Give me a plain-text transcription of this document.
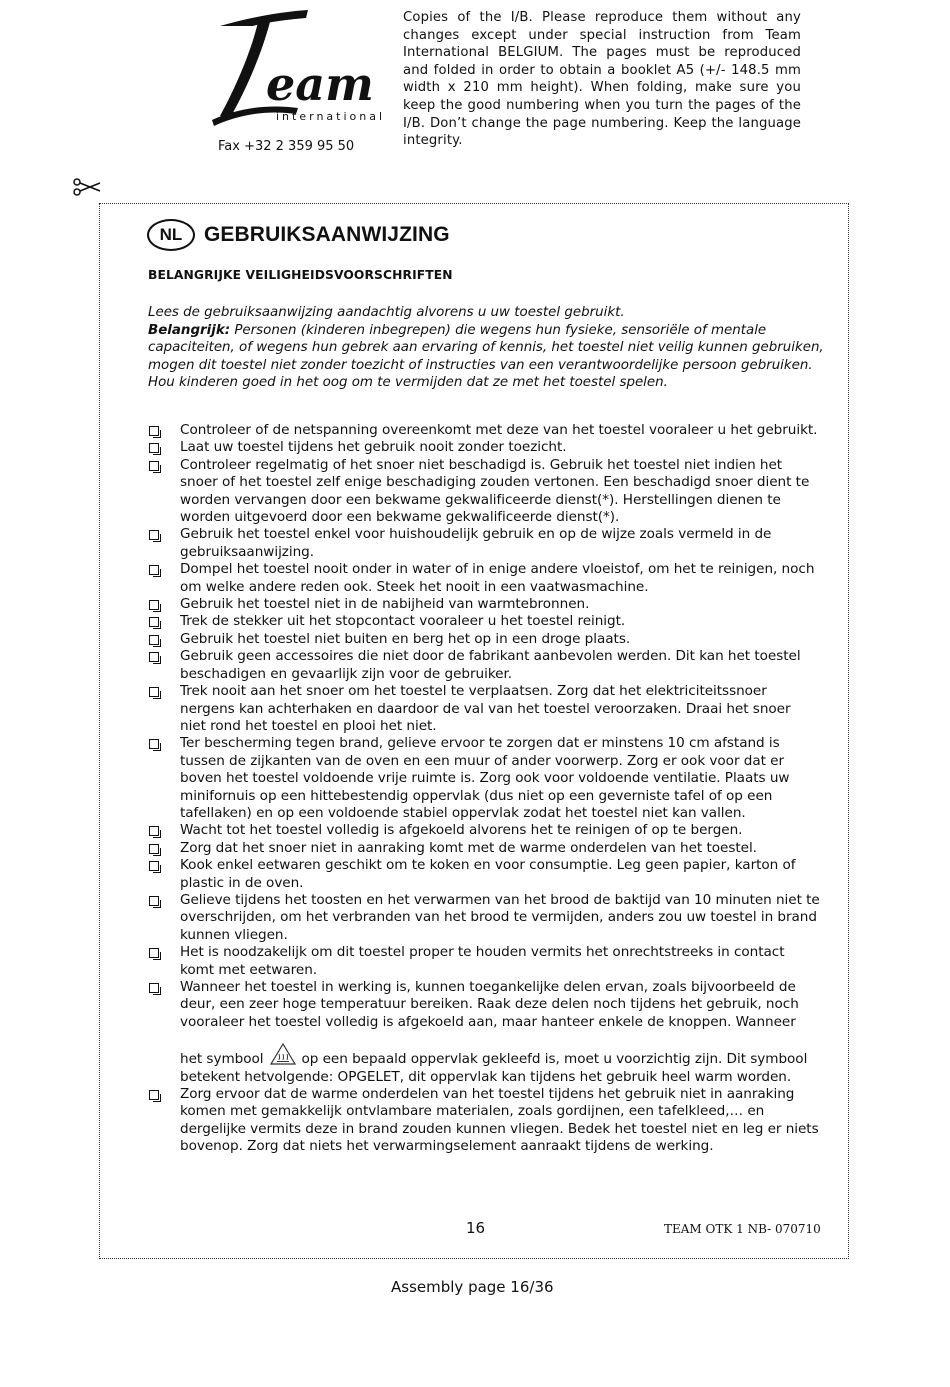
eam
international
Fax +32 2 359 95 50
Copies of the I/B. Please reproduce them without any changes except under special instruction from Team International BELGIUM. The pages must be reproduced and folded in order to obtain a booklet A5 (+/- 148.5 mm width x 210 mm height). When folding, make sure you keep the good numbering when you turn the pages of the I/B. Don’t change the page numbering. Keep the language integrity.
NL	GEBRUIKSAANWIJZING
BELANGRIJKE VEILIGHEIDSVOORSCHRIFTEN
Lees de gebruiksaanwijzing aandachtig alvorens u uw toestel gebruikt.
Belangrijk: Personen (kinderen inbegrepen) die wegens hun fysieke, sensoriële of mentale capaciteiten, of wegens hun gebrek aan ervaring of kennis, het toestel niet veilig kunnen gebruiken, mogen dit toestel niet zonder toezicht of instructies van een verantwoordelijke persoon gebruiken. Hou kinderen goed in het oog om te vermijden dat ze met het toestel spelen.
Controleer of de netspanning overeenkomt met deze van het toestel vooraleer u het gebruikt.
Laat uw toestel tijdens het gebruik nooit zonder toezicht.
Controleer regelmatig of het snoer niet beschadigd is. Gebruik het toestel niet indien het snoer of het toestel zelf enige beschadiging zouden vertonen. Een beschadigd snoer dient te worden vervangen door een bekwame gekwalificeerde dienst(*). Herstellingen dienen te worden uitgevoerd door een bekwame gekwalificeerde dienst(*).
Gebruik het toestel enkel voor huishoudelijk gebruik en op de wijze zoals vermeld in de gebruiksaanwijzing.
Dompel het toestel nooit onder in water of in enige andere vloeistof, om het te reinigen, noch om welke andere reden ook. Steek het nooit in een vaatwasmachine.
Gebruik het toestel niet in de nabijheid van warmtebronnen.
Trek de stekker uit het stopcontact vooraleer u het toestel reinigt.
Gebruik het toestel niet buiten en berg het op in een droge plaats.
Gebruik geen accessoires die niet door de fabrikant aanbevolen werden. Dit kan het toestel beschadigen en gevaarlijk zijn voor de gebruiker.
Trek nooit aan het snoer om het toestel te verplaatsen. Zorg dat het elektriciteitssnoer nergens kan achterhaken en daardoor de val van het toestel veroorzaken. Draai het snoer niet rond het toestel en plooi het niet.
Ter bescherming tegen brand, gelieve ervoor te zorgen dat er minstens 10 cm afstand is tussen de zijkanten van de oven en een muur of ander voorwerp. Zorg er ook voor dat er boven het toestel voldoende vrije ruimte is. Zorg ook voor voldoende ventilatie. Plaats uw minifornuis op een hittebestendig oppervlak (dus niet op een geverniste tafel of op een tafellaken) en op een voldoende stabiel oppervlak zodat het toestel niet kan vallen.
Wacht tot het toestel volledig is afgekoeld alvorens het te reinigen of op te bergen.
Zorg dat het snoer niet in aanraking komt met de warme onderdelen van het toestel.
Kook enkel eetwaren geschikt om te koken en voor consumptie. Leg geen papier, karton of plastic in de oven.
Gelieve tijdens het toosten en het verwarmen van het brood de baktijd van 10 minuten niet te overschrijden, om het verbranden van het brood te vermijden, anders zou uw toestel in brand kunnen vliegen.
Het is noodzakelijk om dit toestel proper te houden vermits het onrechtstreeks in contact komt met eetwaren.
Wanneer het toestel in werking is, kunnen toegankelijke delen ervan, zoals bijvoorbeeld de deur, een zeer hoge temperatuur bereiken. Raak deze delen noch tijdens het gebruik, noch vooraleer het toestel volledig is afgekoeld aan, maar hanteer enkele de knoppen. Wanneer
het symbool	op een bepaald oppervlak gekleefd is, moet u voorzichtig zijn. Dit symbool betekent hetvolgende: OPGELET, dit oppervlak kan tijdens het gebruik heel warm worden.
Zorg ervoor dat de warme onderdelen van het toestel tijdens het gebruik niet in aanraking komen met gemakkelijk ontvlambare materialen, zoals gordijnen, een tafelkleed,… en dergelijke vermits deze in brand zouden kunnen vliegen. Bedek het toestel niet en leg er niets bovenop. Zorg dat niets het verwarmingselement aanraakt tijdens de werking.
16	TEAM OTK 1 NB- 070710
Assembly page 16/36
